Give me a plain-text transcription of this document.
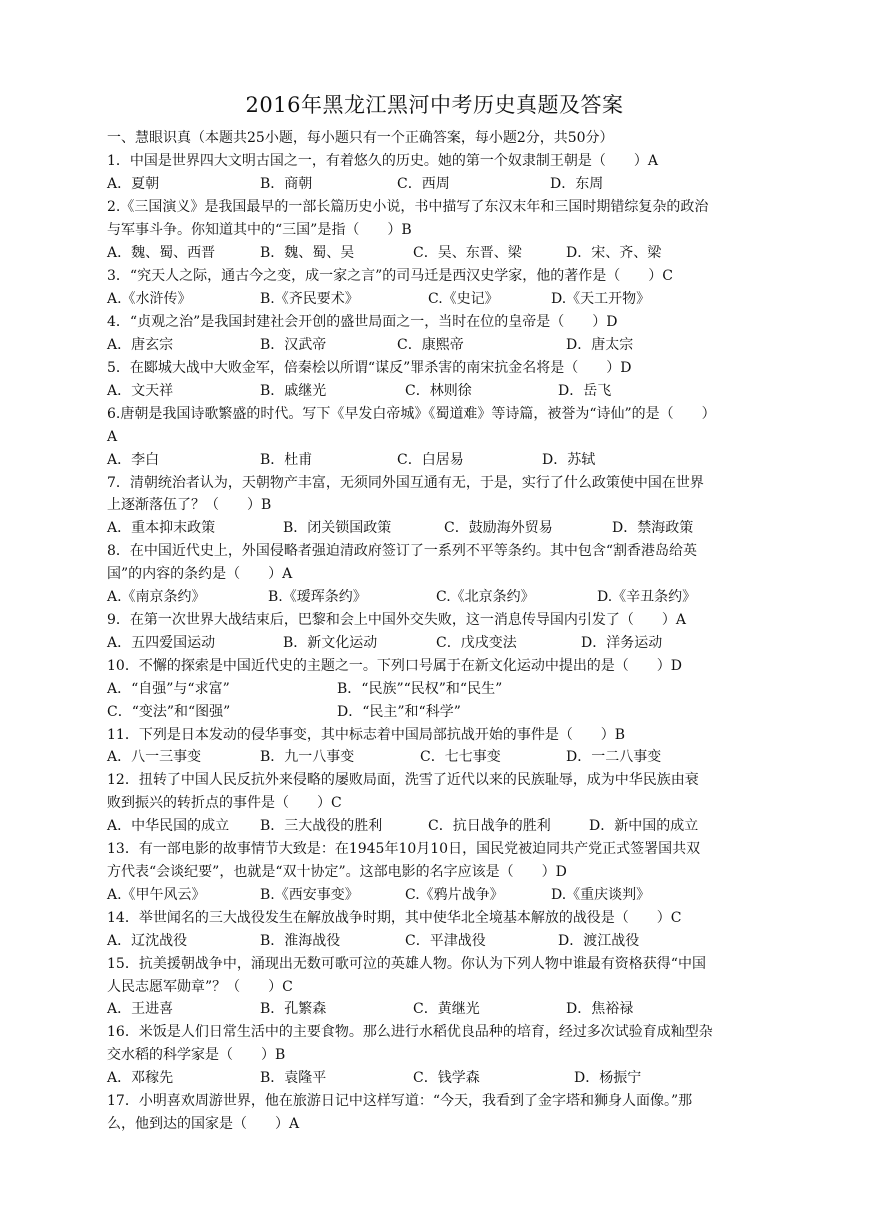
2016年黑龙江黑河中考历史真题及答案
一、慧眼识真（本题共25小题，每小题只有一个正确答案，每小题2分，共50分）
1．中国是世界四大文明古国之一，有着悠久的历史。她的第一个奴隶制王朝是（　　）A
A．夏朝	B．商朝	C．西周	D．东周
2.《三国演义》是我国最早的一部长篇历史小说，书中描写了东汉末年和三国时期错综复杂的政治
与军事斗争。你知道其中的“三国”是指（　　）B
A．魏、蜀、西晋	B．魏、蜀、吴	C．吴、东晋、梁	D．宋、齐、梁
3．“究天人之际，通古今之变，成一家之言”的司马迁是西汉史学家，他的著作是（　　）C
A.《水浒传》	B.《齐民要术》	C.《史记》	D.《天工开物》
4．“贞观之治”是我国封建社会开创的盛世局面之一，当时在位的皇帝是（　　）D
A．唐玄宗	B．汉武帝	C．康熙帝	D．唐太宗
5．在郾城大战中大败金军，倍秦桧以所谓“谋反”罪杀害的南宋抗金名将是（　　）D
A．文天祥	B．戚继光	C．林则徐	D．岳飞
6.唐朝是我国诗歌繁盛的时代。写下《早发白帝城》《蜀道难》等诗篇，被誉为“诗仙”的是（　　）
A
A．李白	B．杜甫	C．白居易	D．苏轼
7．清朝统治者认为，天朝物产丰富，无须同外国互通有无，于是，实行了什么政策使中国在世界
上逐渐落伍了？（　　）B
A．重本抑末政策	B．闭关锁国政策	C．鼓励海外贸易	D．禁海政策
8．在中国近代史上，外国侵略者强迫清政府签订了一系列不平等条约。其中包含“割香港岛给英
国”的内容的条约是（　　）A
A.《南京条约》	B.《瑷珲条约》	C.《北京条约》	D.《辛丑条约》
9．在第一次世界大战结束后，巴黎和会上中国外交失败，这一消息传导国内引发了（　　）A
A．五四爱国运动	B．新文化运动	C．戊戌变法	D．洋务运动
10．不懈的探索是中国近代史的主题之一。下列口号属于在新文化运动中提出的是（　　）D
A．“自强”与“求富”	B．“民族”“民权”和“民生”
C．“变法”和“图强”	D．“民主”和“科学”
11．下列是日本发动的侵华事变，其中标志着中国局部抗战开始的事件是（　　）B
A．八一三事变	B．九一八事变	C．七七事变	D．一二八事变
12．扭转了中国人民反抗外来侵略的屡败局面，洗雪了近代以来的民族耻辱，成为中华民族由衰
败到振兴的转折点的事件是（　　）C
A．中华民国的成立 B．三大战役的胜利	C．抗日战争的胜利	D．新中国的成立
13．有一部电影的故事情节大致是：在1945年10月10日，国民党被迫同共产党正式签署国共双
方代表“会谈纪要”，也就是“双十协定”。这部电影的名字应该是（　　）D
A.《甲午风云》	B.《西安事变》	C.《鸦片战争》	D.《重庆谈判》
14．举世闻名的三大战役发生在解放战争时期，其中使华北全境基本解放的战役是（　　）C
A．辽沈战役	B．淮海战役	C．平津战役	D．渡江战役
15．抗美援朝战争中，涌现出无数可歌可泣的英雄人物。你认为下列人物中谁最有资格获得“中国
人民志愿军勋章”？（　　）C
A．王进喜	B．孔繁森	C．黄继光	D．焦裕禄
16．米饭是人们日常生活中的主要食物。那么进行水稻优良品种的培育，经过多次试验育成籼型杂
交水稻的科学家是（　　）B
A．邓稼先	B．袁隆平	C．钱学森	D．杨振宁
17．小明喜欢周游世界，他在旅游日记中这样写道：“今天，我看到了金字塔和狮身人面像。”那
么，他到达的国家是（　　）A
